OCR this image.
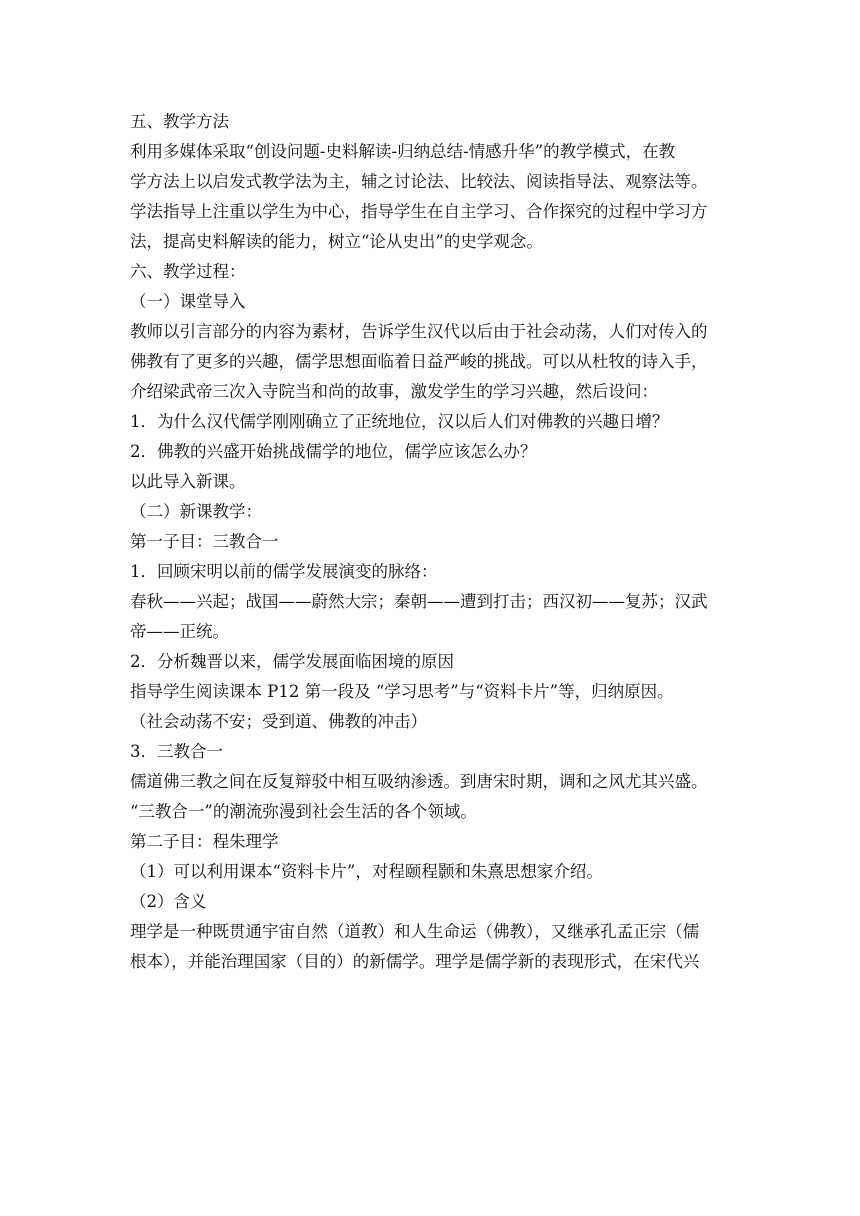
五、教学方法
利用多媒体采取“创设问题-史料解读-归纳总结-情感升华”的教学模式，在教
学方法上以启发式教学法为主，辅之讨论法、比较法、阅读指导法、观察法等。
学法指导上注重以学生为中心，指导学生在自主学习、合作探究的过程中学习方
法，提高史料解读的能力，树立“论从史出”的史学观念。
六、教学过程：
（一）课堂导入
教师以引言部分的内容为素材，告诉学生汉代以后由于社会动荡，人们对传入的
佛教有了更多的兴趣，儒学思想面临着日益严峻的挑战。可以从杜牧的诗入手，
介绍梁武帝三次入寺院当和尚的故事，激发学生的学习兴趣，然后设问：
1．为什么汉代儒学刚刚确立了正统地位，汉以后人们对佛教的兴趣日增？
2．佛教的兴盛开始挑战儒学的地位，儒学应该怎么办？
以此导入新课。
（二）新课教学：
第一子目：三教合一
1．回顾宋明以前的儒学发展演变的脉络：
春秋——兴起；战国——蔚然大宗；秦朝——遭到打击；西汉初——复苏；汉武
帝——正统。
2．分析魏晋以来，儒学发展面临困境的原因
指导学生阅读课本 P12 第一段及 “学习思考”与“资料卡片”等，归纳原因。
（社会动荡不安；受到道、佛教的冲击）
3．三教合一
儒道佛三教之间在反复辩驳中相互吸纳渗透。到唐宋时期，调和之风尤其兴盛。
“三教合一”的潮流弥漫到社会生活的各个领域。
第二子目：程朱理学
（1）可以利用课本“资料卡片”，对程颐程颢和朱熹思想家介绍。
（2）含义
理学是一种既贯通宇宙自然（道教）和人生命运（佛教），又继承孔孟正宗（儒
根本），并能治理国家（目的）的新儒学。理学是儒学新的表现形式，在宋代兴
